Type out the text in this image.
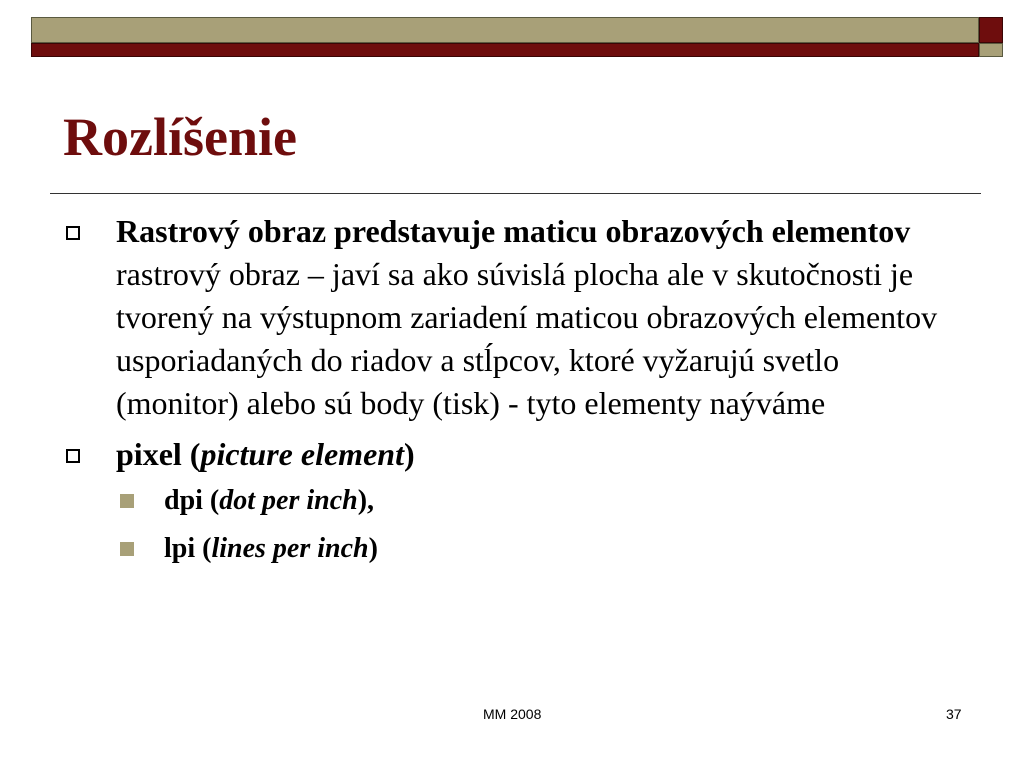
Rozlíšenie
Rastrový obraz predstavuje maticu obrazových elementov rastrový obraz – javí sa ako súvislá plocha ale v skutočnosti je tvorený na výstupnom zariadení maticou obrazových elementov usporiadaných do riadov a stĺpcov, ktoré vyžarujú svetlo (monitor) alebo sú body (tisk) - tyto elementy naýváme
pixel (picture element)
dpi (dot per inch),
lpi (lines per inch)
MM 2008	37
